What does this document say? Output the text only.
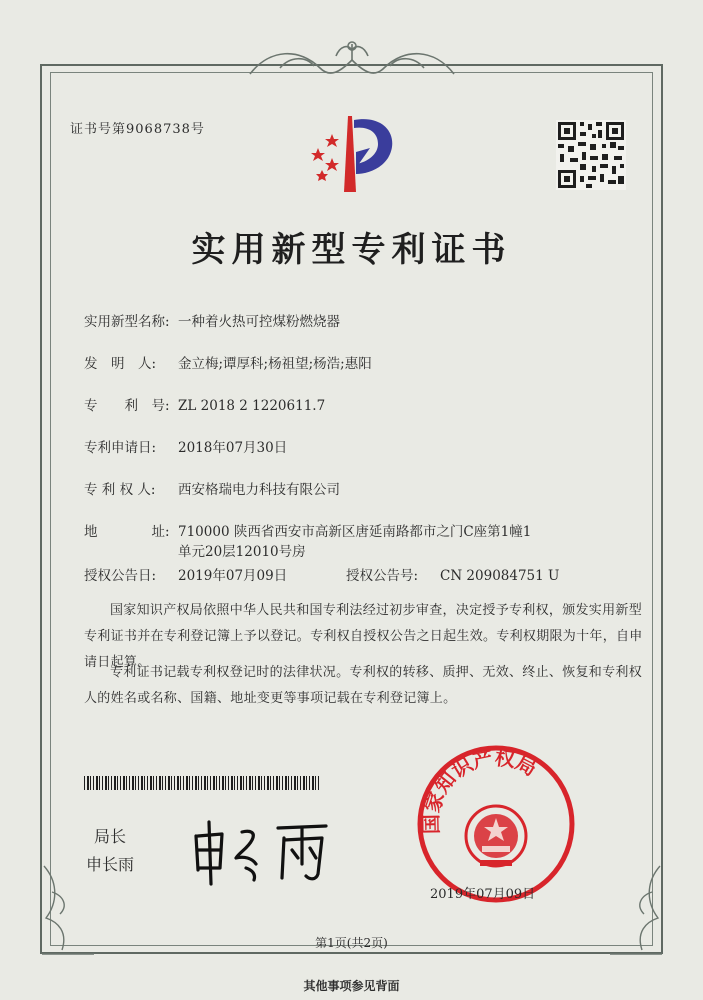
证书号第9068738号
实用新型专利证书
实用新型名称: 一种着火热可控煤粉燃烧器
发　明　人: 金立梅;谭厚科;杨祖望;杨浩;惠阳
专　　利　号: ZL 2018 2 1220611.7
专利申请日: 2018年07月30日
专 利 权 人: 西安格瑞电力科技有限公司
地　　　　址: 710000 陕西省西安市高新区唐延南路都市之门C座第1幢1
单元20层12010号房
授权公告日: 2019年07月09日	授权公告号: CN 209084751 U
国家知识产权局依照中华人民共和国专利法经过初步审查，决定授予专利权，颁发实用新型专利证书并在专利登记簿上予以登记。专利权自授权公告之日起生效。专利权期限为十年，自申请日起算。
专利证书记载专利权登记时的法律状况。专利权的转移、质押、无效、终止、恢复和专利权人的姓名或名称、国籍、地址变更等事项记载在专利登记簿上。
局长
申长雨
国家知识产权局
2019年07月09日
第1页(共2页)
其他事项参见背面
